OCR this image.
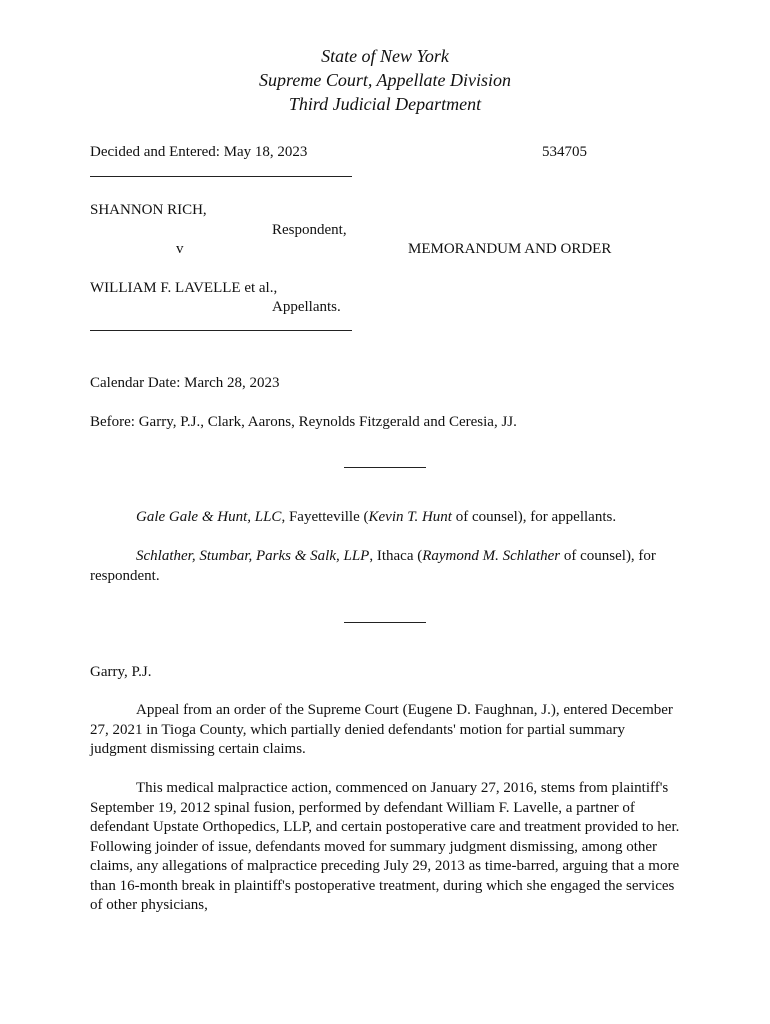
State of New York
Supreme Court, Appellate Division
Third Judicial Department
Decided and Entered: May 18, 2023	534705
SHANNON RICH,
Respondent,
v	MEMORANDUM AND ORDER
WILLIAM F. LAVELLE et al.,
Appellants.
Calendar Date: March 28, 2023
Before: Garry, P.J., Clark, Aarons, Reynolds Fitzgerald and Ceresia, JJ.
Gale Gale & Hunt, LLC, Fayetteville (Kevin T. Hunt of counsel), for appellants.
Schlather, Stumbar, Parks & Salk, LLP, Ithaca (Raymond M. Schlather of counsel), for respondent.
Garry, P.J.
Appeal from an order of the Supreme Court (Eugene D. Faughnan, J.), entered December 27, 2021 in Tioga County, which partially denied defendants' motion for partial summary judgment dismissing certain claims.
This medical malpractice action, commenced on January 27, 2016, stems from plaintiff's September 19, 2012 spinal fusion, performed by defendant William F. Lavelle, a partner of defendant Upstate Orthopedics, LLP, and certain postoperative care and treatment provided to her. Following joinder of issue, defendants moved for summary judgment dismissing, among other claims, any allegations of malpractice preceding July 29, 2013 as time-barred, arguing that a more than 16-month break in plaintiff's postoperative treatment, during which she engaged the services of other physicians,
